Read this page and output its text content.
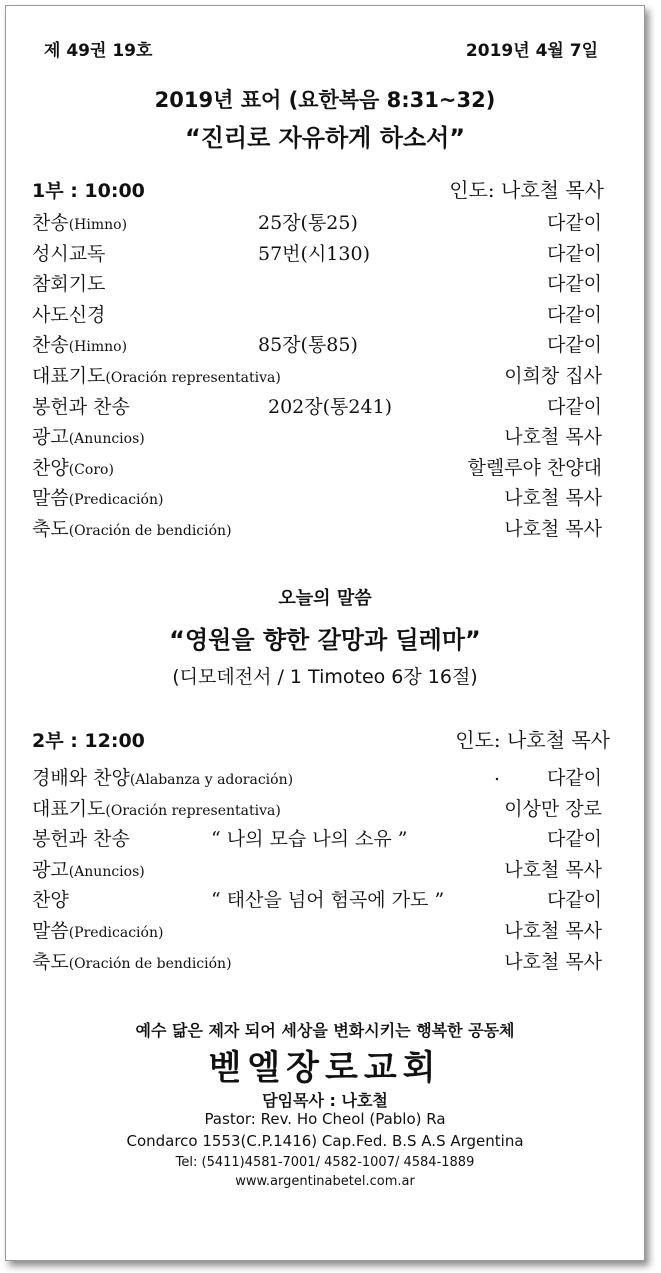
제 49권 19호	2019년 4월 7일
2019년 표어 (요한복음 8:31~32)
“진리로 자유하게 하소서”
1부 : 10:00	인도: 나호철 목사
찬송(Himno)	25장(통25)	다같이
성시교독	57번(시130)	다같이
참회기도	다같이
사도신경	다같이
찬송(Himno)	85장(통85)	다같이
대표기도(Oración representativa)	이희창 집사
봉헌과 찬송	202장(통241)	다같이
광고(Anuncios)	나호철 목사
찬양(Coro)	할렐루야 찬양대
말씀(Predicación)	나호철 목사
축도(Oración de bendición)	나호철 목사
오늘의 말씀
“영원을 향한 갈망과 딜레마”
(디모데전서 / 1 Timoteo 6장 16절)
2부 : 12:00	인도: 나호철 목사
경배와 찬양(Alabanza y adoración)	. 다같이
대표기도(Oración representativa)	이상만 장로
봉헌과 찬송	“ 나의 모습 나의 소유 ”	다같이
광고(Anuncios)	나호철 목사
찬양	“ 태산을 넘어 험곡에 가도 ”	다같이
말씀(Predicación)	나호철 목사
축도(Oración de bendición)	나호철 목사
예수 닮은 제자 되어 세상을 변화시키는 행복한 공동체
벧엘장로교회
담임목사 : 나호철
Pastor: Rev. Ho Cheol (Pablo) Ra
Condarco 1553(C.P.1416) Cap.Fed. B.S A.S Argentina
Tel: (5411)4581-7001/ 4582-1007/ 4584-1889
www.argentinabetel.com.ar
